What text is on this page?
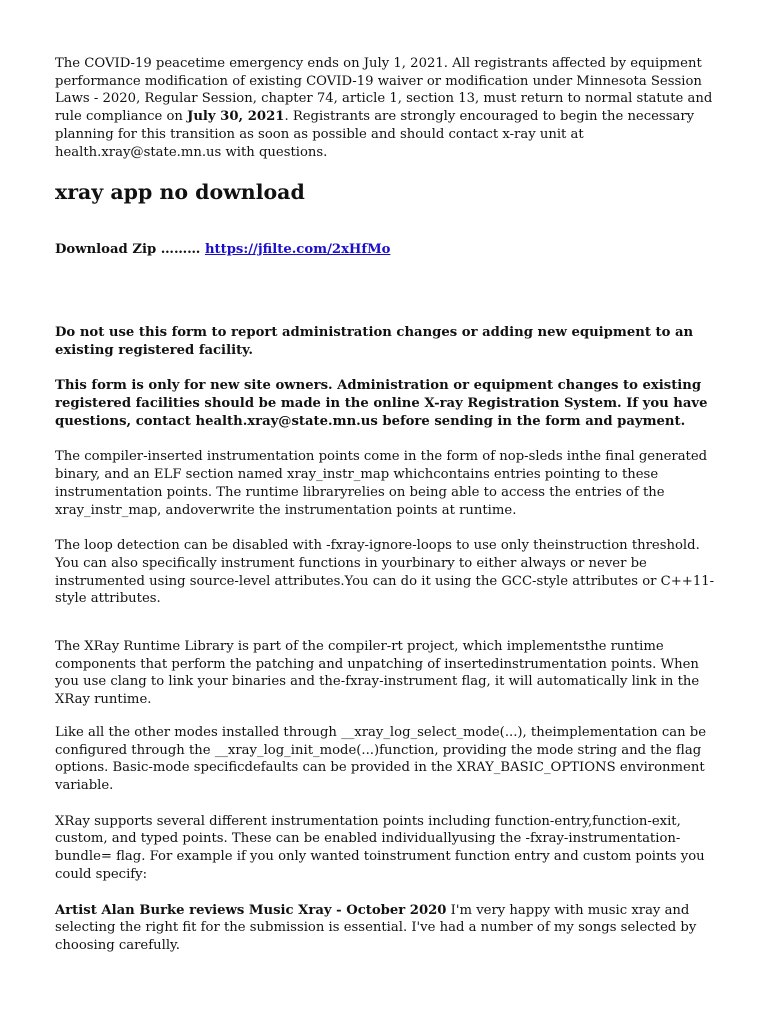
The COVID-19 peacetime emergency ends on July 1, 2021. All registrants affected by equipment performance modification of existing COVID-19 waiver or modification under Minnesota Session Laws - 2020, Regular Session, chapter 74, article 1, section 13, must return to normal statute and rule compliance on July 30, 2021. Registrants are strongly encouraged to begin the necessary planning for this transition as soon as possible and should contact x-ray unit at health.xray@state.mn.us with questions.

xray app no download

Download Zip ……… https://jfilte.com/2xHfMo

Do not use this form to report administration changes or adding new equipment to an existing registered facility.

This form is only for new site owners. Administration or equipment changes to existing registered facilities should be made in the online X-ray Registration System. If you have questions, contact health.xray@state.mn.us before sending in the form and payment.

The compiler-inserted instrumentation points come in the form of nop-sleds inthe final generated binary, and an ELF section named xray_instr_map whichcontains entries pointing to these instrumentation points. The runtime libraryrelies on being able to access the entries of the xray_instr_map, andoverwrite the instrumentation points at runtime.

The loop detection can be disabled with -fxray-ignore-loops to use only theinstruction threshold. You can also specifically instrument functions in yourbinary to either always or never be instrumented using source-level attributes.You can do it using the GCC-style attributes or C++11-style attributes.

The XRay Runtime Library is part of the compiler-rt project, which implementsthe runtime components that perform the patching and unpatching of insertedinstrumentation points. When you use clang to link your binaries and the-fxray-instrument flag, it will automatically link in the XRay runtime.

Like all the other modes installed through __xray_log_select_mode(...), theimplementation can be configured through the __xray_log_init_mode(...)function, providing the mode string and the flag options. Basic-mode specificdefaults can be provided in the XRAY_BASIC_OPTIONS environment variable.

XRay supports several different instrumentation points including function-entry,function-exit, custom, and typed points. These can be enabled individuallyusing the -fxray-instrumentation-bundle= flag. For example if you only wanted toinstrument function entry and custom points you could specify:

Artist Alan Burke reviews Music Xray - October 2020 I'm very happy with music xray and selecting the right fit for the submission is essential. I've had a number of my songs selected by choosing carefully.
